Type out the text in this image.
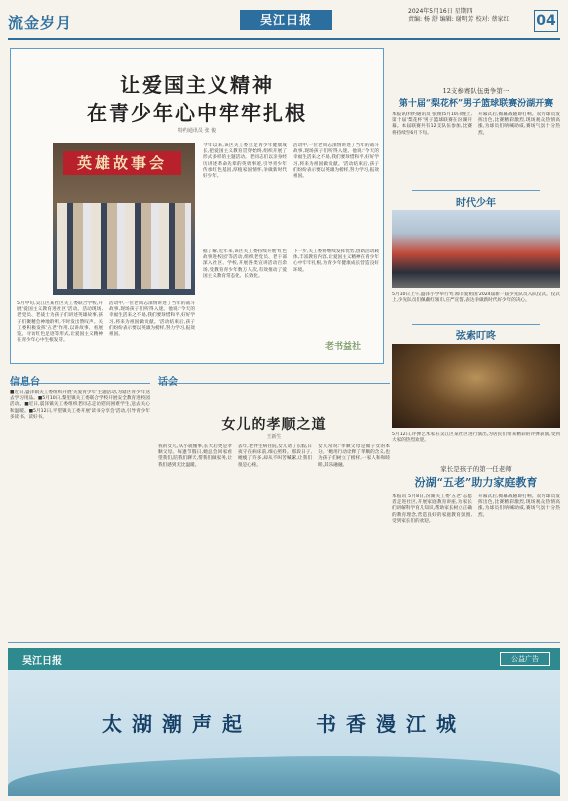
流金岁月	吴江日报
2024年5月16日 星期四
责编: 杨 舒 编辑: 谢明芳 校对: 蔡家红	04
让爱国主义精神
在青少年心中牢牢扎根
特约通讯员 张 俊
英雄故事会
今年以来,该区关工委立足青少年健康成长,把爱国主义教育贯穿始终,组织开展了形式多样的主题活动。老同志们以亲身经历讲述革命先辈的英勇事迹,引导青少年传承红色基因,厚植家国情怀,争做新时代好少年。
活动中,一位老同志深情讲述了当年的战斗故事,现场孩子们听得入迷。他说:'今天的幸福生活来之不易,我们要珍惜和平,好好学习,将来为祖国做贡献。'活动结束后,孩子们纷纷表示要以英雄为榜样,努力学习,报效祖国。
据了解,近年来,该区关工委持续开展'红色故事进校园'等活动,组织老党员、老干部深入社区、学校,开展各类宣讲活动百余场,受教育青少年数万人次,有效推动了爱国主义教育常态化、长效化。
下一步,关工委将继续发挥优势,创新活动载体,丰富教育内容,让爱国主义精神在青少年心中牢牢扎根,为青少年健康成长营造良好环境。
5月中旬,吴江区某社区关工委联合学校,开展'爱国主义教育进社区'活动。活动现场,老党员、老战士为孩子们讲述英雄故事,孩子们聚精会神地聆听,不时发出赞叹声。关工委积极发挥'五老'作用,以讲故事、看展览、寻访红色足迹等形式,让爱国主义精神在青少年心中生根发芽。
活动中,一位老同志深情讲述了当年的战斗故事,现场孩子们听得入迷。他说:'今天的幸福生活来之不易,我们要珍惜和平,好好学习,将来为祖国做贡献。'活动结束后,孩子们纷纷表示要以英雄为榜样,努力学习,报效祖国。
老书益社
12支参赛队伍勇争第一
第十届“梨花杯”男子篮球联赛汾湖开赛
本报讯(特约通讯员 张俊)5月10日晚上,第十届'梨花杯'男子篮球联赛在汾湖开幕。本届联赛共有12支队伍参加,比赛将持续至6月下旬。
开幕式后,揭幕战随即打响。双方球员发挥出色,比赛精彩激烈,现场观众热情高涨,为球员们呐喊助威,赛场气氛十分热烈。
时代少年
5月10日上午,盛泽小学举行'红领巾爱祖国'2024届新一届少先队员入队仪式。仪式上,少先队员们佩戴红领巾,庄严宣誓,表达争做新时代好少年的决心。
弦索叮咚
5月12日,评弹艺术家在吴江区某社区进行演出,为居民们带来精彩的评弹表演,受到大家的热烈欢迎。
家长是孩子的第一任老师
汾湖“五老”助力家庭教育
本报讯 5月8日,汾湖关工委'五老'志愿者走进社区,开展家庭教育讲座,为家长们讲解科学育儿知识,帮助家长树立正确的教育理念,营造良好的家庭教育氛围,受到家长们的欢迎。
开幕式后,揭幕战随即打响。双方球员发挥出色,比赛精彩激烈,现场观众热情高涨,为球员们呐喊助威,赛场气氛十分热烈。
信息台
■近日,盛泽镇关工委组织开展'关爱青少年'主题活动,为辖区青少年送去学习用品。■5月10日,黎里镇关工委联合学校开展安全教育进校园活动。■近日,震泽镇关工委组织老同志走访慰问困难学生,送去关心和温暖。■5月12日,平望镇关工委开展'读书分享会'活动,引导青少年多读书、读好书。
话会
女儿的孝顺之道
王新生
我的女儿,从小就懂事,长大后更是孝顺父母。每逢节假日,她总会回家看望我们,陪我们聊天,帮我们做家务,让我们感到无比温暖。
去年,老伴生病住院,女儿请了长假,日夜守在病床前,细心照料。那段日子,她瘦了许多,却从不叫苦喊累,让我们很是心疼。
女儿常说:'孝顺父母是做子女的本分。'她用行动诠释了孝顺的含义,也为孩子们树立了榜样,一家人和和睦睦,其乐融融。
吴江日报	公益广告
太湖潮声起	书香漫江城
